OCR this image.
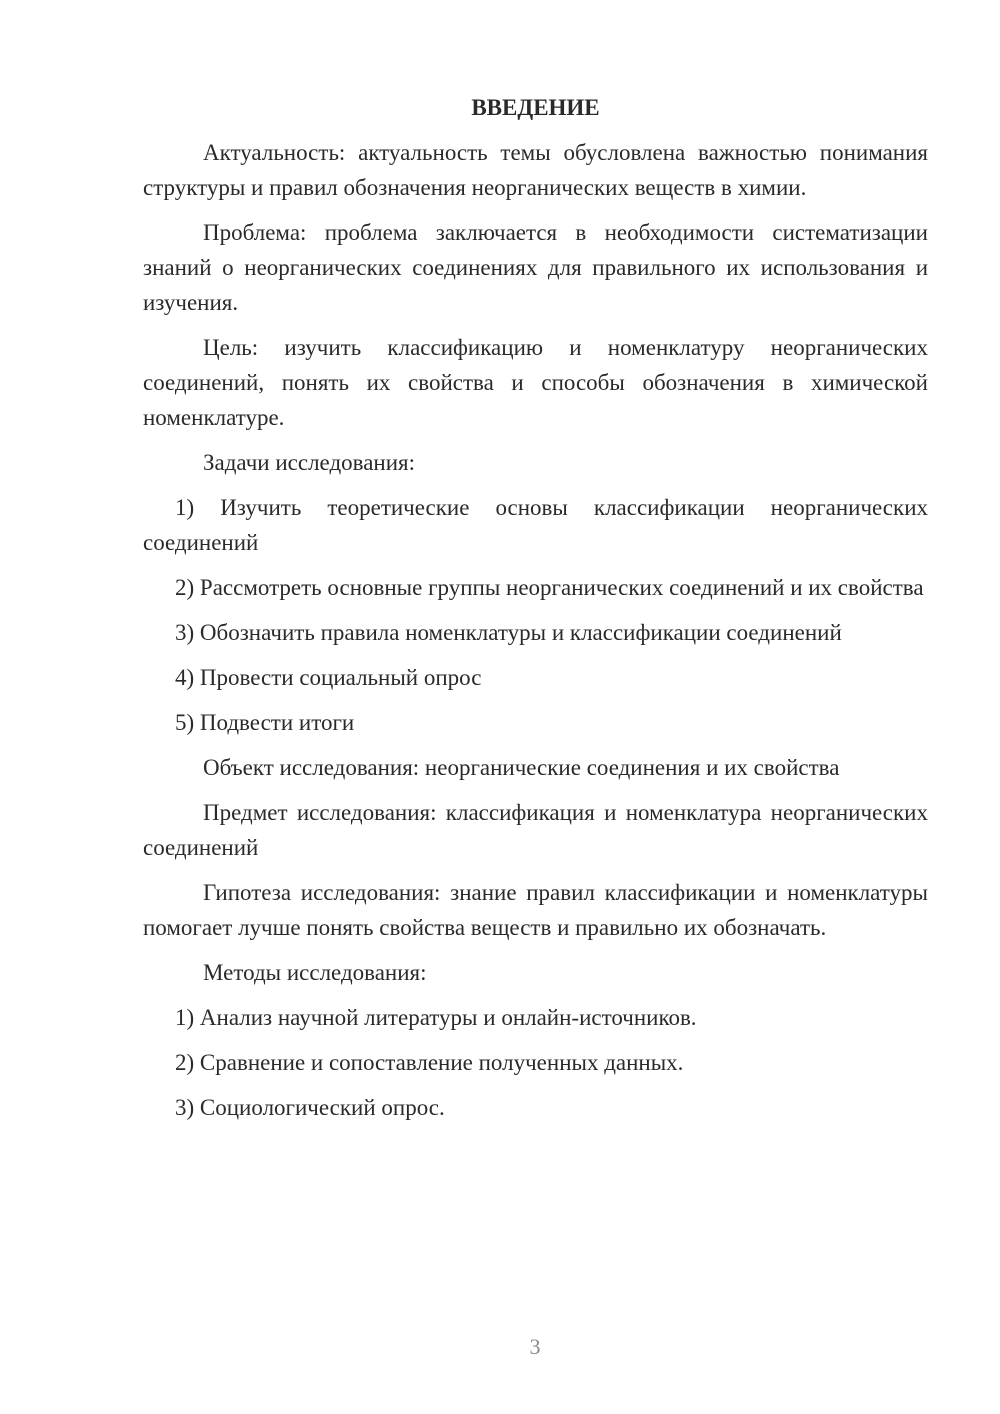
ВВЕДЕНИЕ

Актуальность: актуальность темы обусловлена важностью понимания структуры и правил обозначения неорганических веществ в химии.

Проблема: проблема заключается в необходимости систематизации знаний о неорганических соединениях для правильного их использования и изучения.

Цель: изучить классификацию и номенклатуру неорганических соединений, понять их свойства и способы обозначения в химической номенклатуре.

Задачи исследования:

1) Изучить теоретические основы классификации неорганических соединений

2) Рассмотреть основные группы неорганических соединений и их свойства

3) Обозначить правила номенклатуры и классификации соединений

4) Провести социальный опрос

5) Подвести итоги

Объект исследования: неорганические соединения и их свойства

Предмет исследования: классификация и номенклатура неорганических соединений

Гипотеза исследования: знание правил классификации и номенклатуры помогает лучше понять свойства веществ и правильно их обозначать.

Методы исследования:

1) Анализ научной литературы и онлайн-источников.

2) Сравнение и сопоставление полученных данных.

3) Социологический опрос.

3
